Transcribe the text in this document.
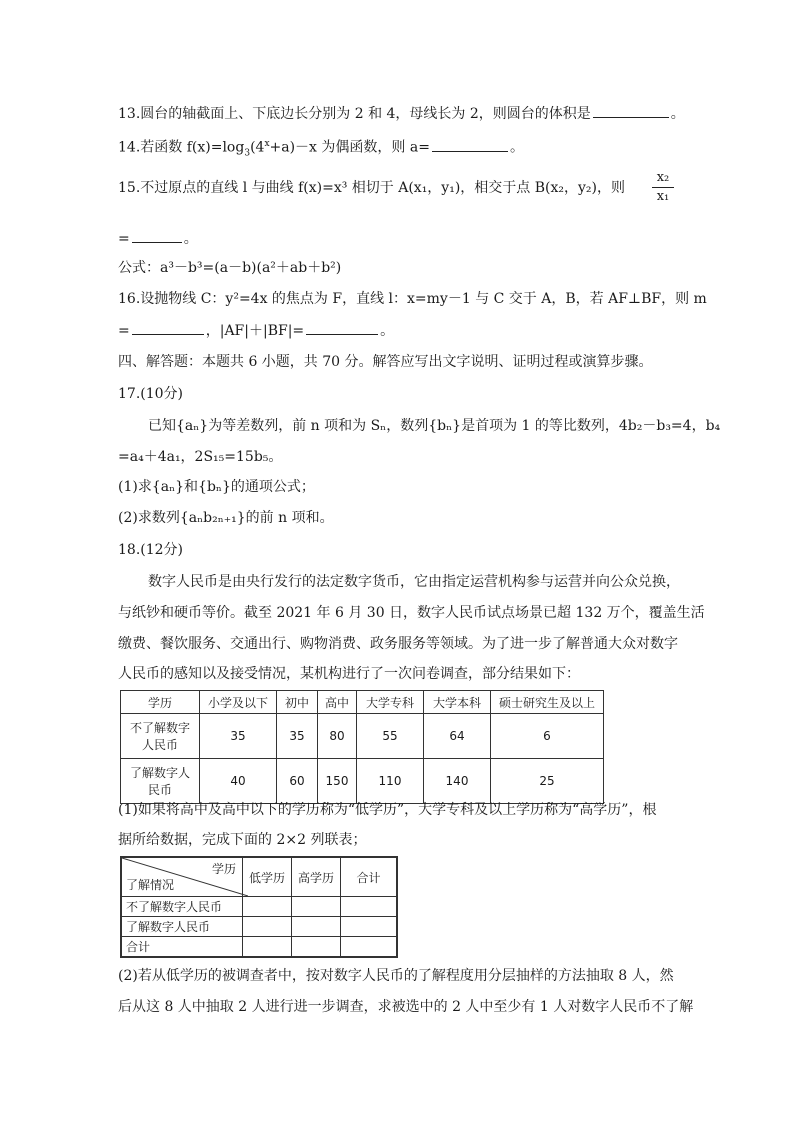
13.圆台的轴截面上、下底边长分别为 2 和 4，母线长为 2，则圆台的体积是	。
14.若函数 $f(x)=\log_3(4^x+a)-x$ 为偶函数，则 a=	。
15.不过原点的直线 l 与曲线 f(x)=x³ 相切于 A(x₁，y₁)，相交于点 B(x₂，y₂)，则
x₂
x₁
=	。
公式：a³－b³=(a－b)(a²＋ab＋b²)
16.设抛物线 C：y²=4x 的焦点为 F，直线 l：x=my－1 与 C 交于 A，B，若 AF⊥BF，则 m
=	，|AF|＋|BF|=	。
四、解答题：本题共 6 小题，共 70 分。解答应写出文字说明、证明过程或演算步骤。
17.(10分)
已知{aₙ}为等差数列，前 n 项和为 Sₙ，数列{bₙ}是首项为 1 的等比数列，4b₂－b₃=4，b₄
=a₄＋4a₁，2S₁₅=15b₅。
(1)求{aₙ}和{bₙ}的通项公式；
(2)求数列{aₙb₂ₙ₊₁}的前 n 项和。
18.(12分)
数字人民币是由央行发行的法定数字货币，它由指定运营机构参与运营并向公众兑换，
与纸钞和硬币等价。截至 2021 年 6 月 30 日，数字人民币试点场景已超 132 万个，覆盖生活
缴费、餐饮服务、交通出行、购物消费、政务服务等领域。为了进一步了解普通大众对数字
人民币的感知以及接受情况，某机构进行了一次问卷调查，部分结果如下：
学历	小学及以下	初中	高中	大学专科	大学本科	硕士研究生及以上
不了解数字
人民币	35	35	80	55	64	6
了解数字人
民币	40	60	150	110	140	25
(1)如果将高中及高中以下的学历称为“低学历”，大学专科及以上学历称为“高学历”，根
据所给数据，完成下面的 2×2 列联表；
学历
了解情况	低学历	高学历	合计
不了解数字人民币			
了解数字人民币			
合计			
(2)若从低学历的被调查者中，按对数字人民币的了解程度用分层抽样的方法抽取 8 人，然
后从这 8 人中抽取 2 人进行进一步调查，求被选中的 2 人中至少有 1 人对数字人民币不了解
